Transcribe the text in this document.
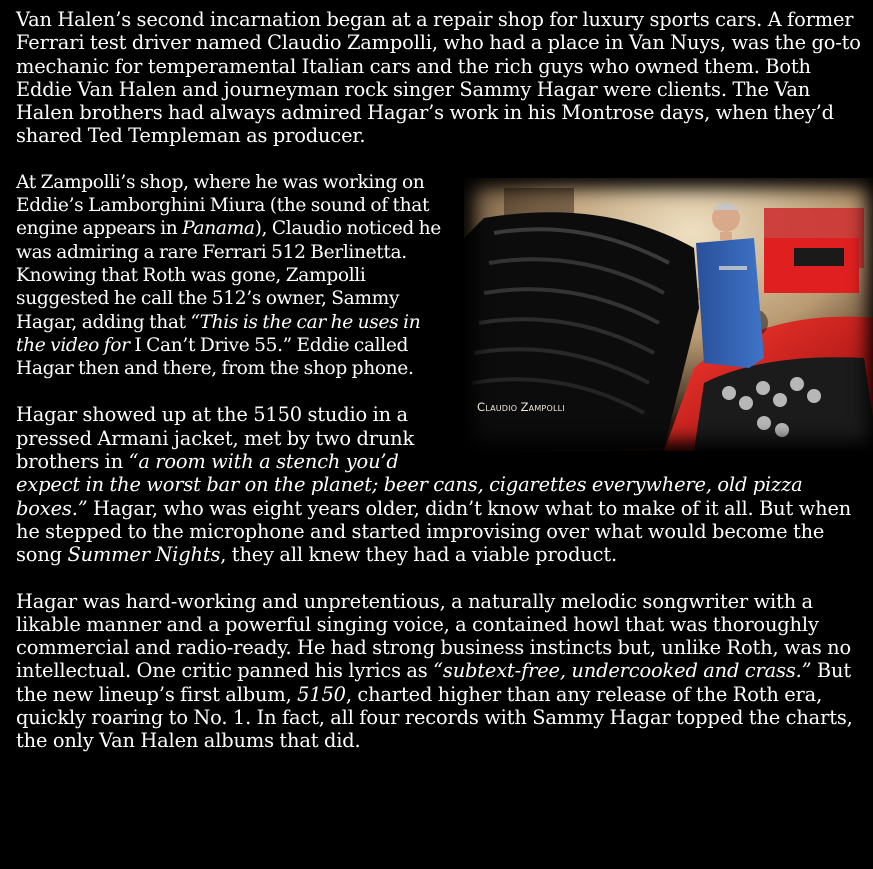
Van Halen’s second incarnation began at a repair shop for luxury sports cars. A former Ferrari test driver named Claudio Zampolli, who had a place in Van Nuys, was the go-to mechanic for temperamental Italian cars and the rich guys who owned them. Both Eddie Van Halen and journeyman rock singer Sammy Hagar were clients. The Van Halen brothers had always admired Hagar’s work in his Montrose days, when they’d shared Ted Templeman as producer.

Claudio Zampolli

At Zampolli’s shop, where he was working on Eddie’s Lamborghini Miura (the sound of that engine appears in Panama), Claudio noticed he was admiring a rare Ferrari 512 Berlinetta. Knowing that Roth was gone, Zampolli suggested he call the 512’s owner, Sammy Hagar, adding that “This is the car he uses in the video for I Can’t Drive 55.” Eddie called Hagar then and there, from the shop phone.

Hagar showed up at the 5150 studio in a pressed Armani jacket, met by two drunk brothers in “a room with a stench you’d expect in the worst bar on the planet; beer cans, cigarettes everywhere, old pizza boxes.” Hagar, who was eight years older, didn’t know what to make of it all. But when he stepped to the microphone and started improvising over what would become the song Summer Nights, they all knew they had a viable product.

Hagar was hard-working and unpretentious, a naturally melodic songwriter with a likable manner and a powerful singing voice, a contained howl that was thoroughly commercial and radio-ready. He had strong business instincts but, unlike Roth, was no intellectual. One critic panned his lyrics as “subtext-free, undercooked and crass.” But the new lineup’s first album, 5150, charted higher than any release of the Roth era, quickly roaring to No. 1. In fact, all four records with Sammy Hagar topped the charts, the only Van Halen albums that did.
